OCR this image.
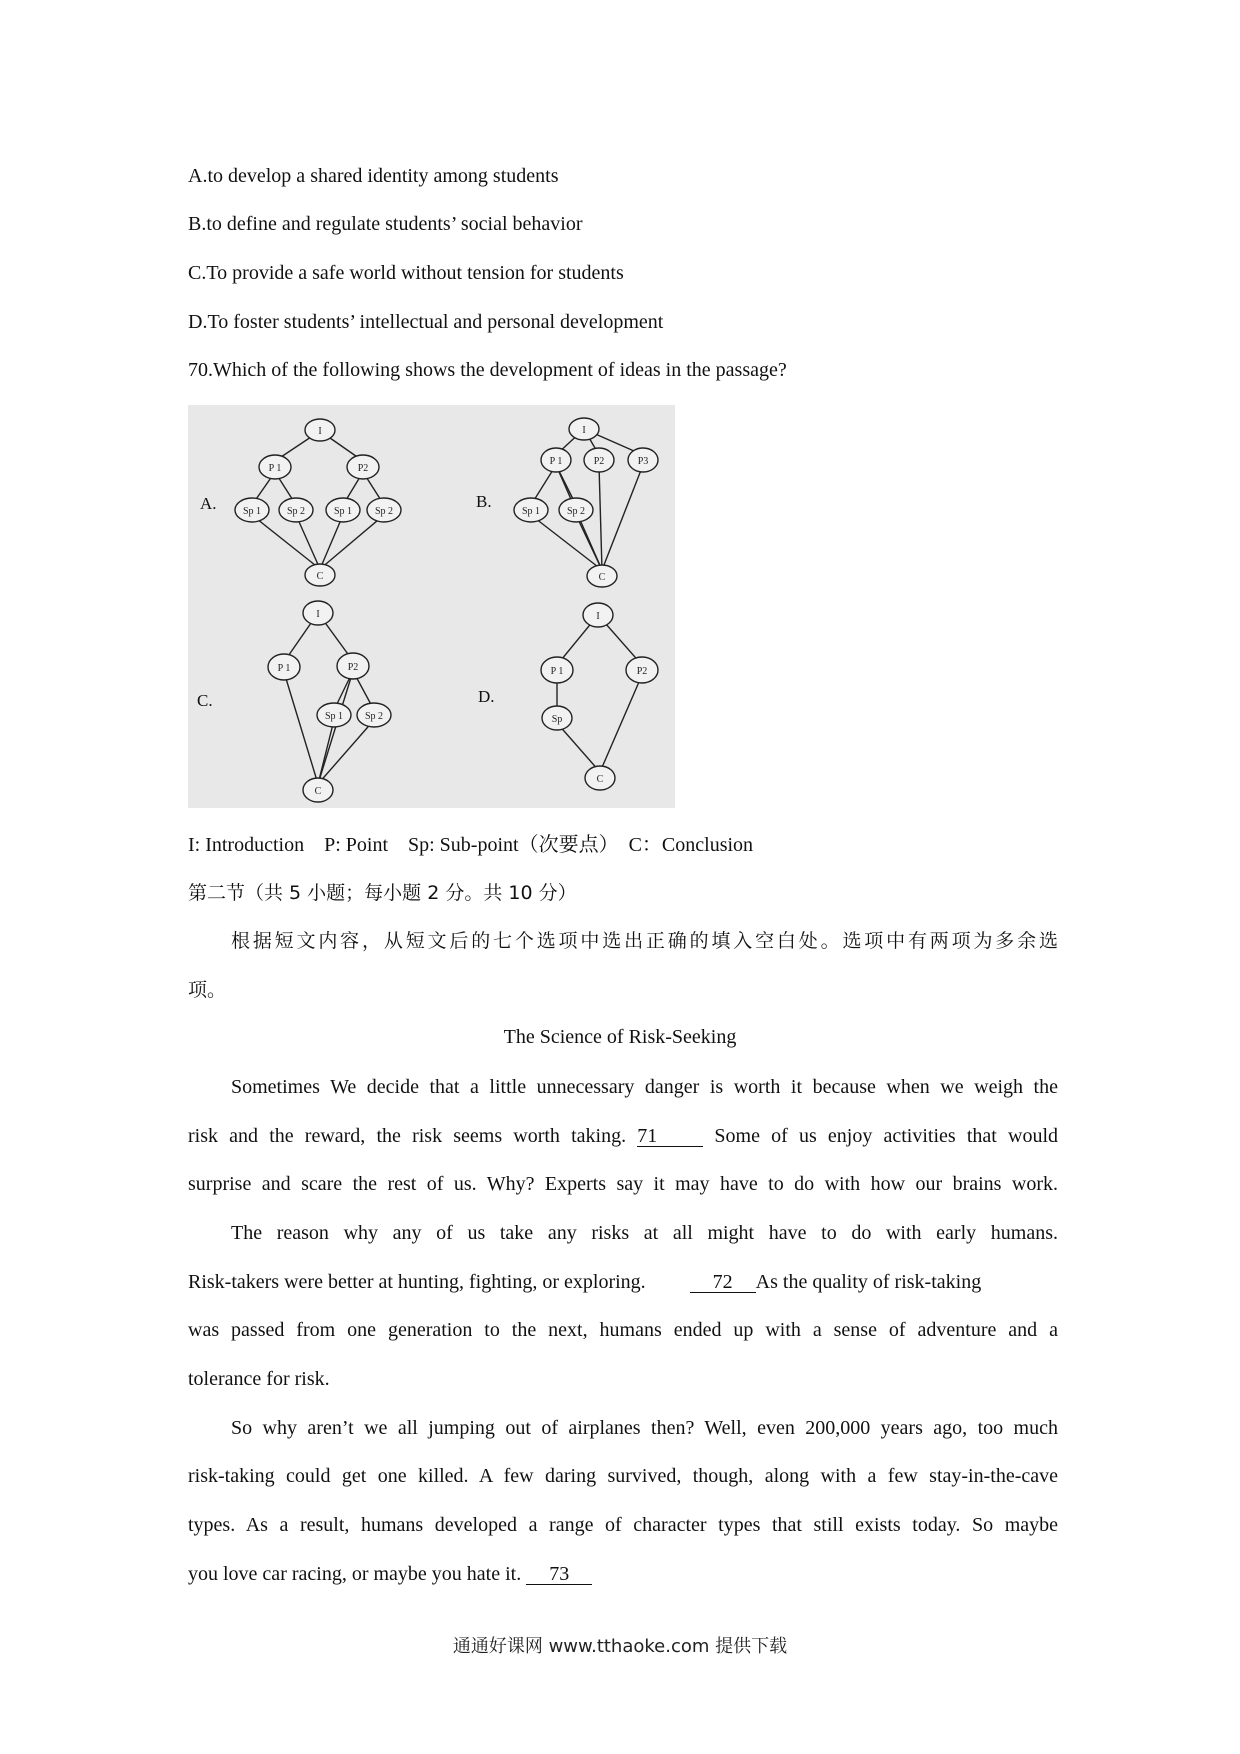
A.to develop a shared identity among students
B.to define and regulate students’ social behavior
C.To provide a safe world without tension for students
D.To foster students’ intellectual and personal development
70.Which of the following shows the development of ideas in the passage?
I
P 1	P2
Sp 1	Sp 2	Sp 1 Sp 2
C
I
P 1	P2	P3
Sp 1	Sp 2
C
I
P 1	P2
Sp 1 Sp 2
C
I
P 1	P2
Sp
C
A.	B.
C.	D.
I: Introduction    P: Point    Sp: Sub-point（次要点）  C：Conclusion
第二节（共 5 小题；每小题 2 分。共 10 分）
根据短文内容，从短文后的七个选项中选出正确的填入空白处。选项中有两项为多余选
项。
The Science of Risk-Seeking
Sometimes We decide that a little unnecessary danger is worth it because when we weigh the
risk and the reward, the risk seems worth taking. 71	Some of us enjoy activities that would
surprise and scare the rest of us. Why? Experts say it may have to do with how our brains work.
The reason why any of us take any risks at all might have to do with early humans.
Risk-takers were better at hunting, fighting, or exploring.	72 As the quality of risk-taking
was passed from one generation to the next, humans ended up with a sense of adventure and a
tolerance for risk.
So why aren’t we all jumping out of airplanes then? Well, even 200,000 years ago, too much
risk-taking could get one killed. A few daring survived, though, along with a few stay-in-the-cave
types. As a result, humans developed a range of character types that still exists today. So maybe
you love car racing, or maybe you hate it. 73
通通好课网 www.tthaoke.com 提供下载
